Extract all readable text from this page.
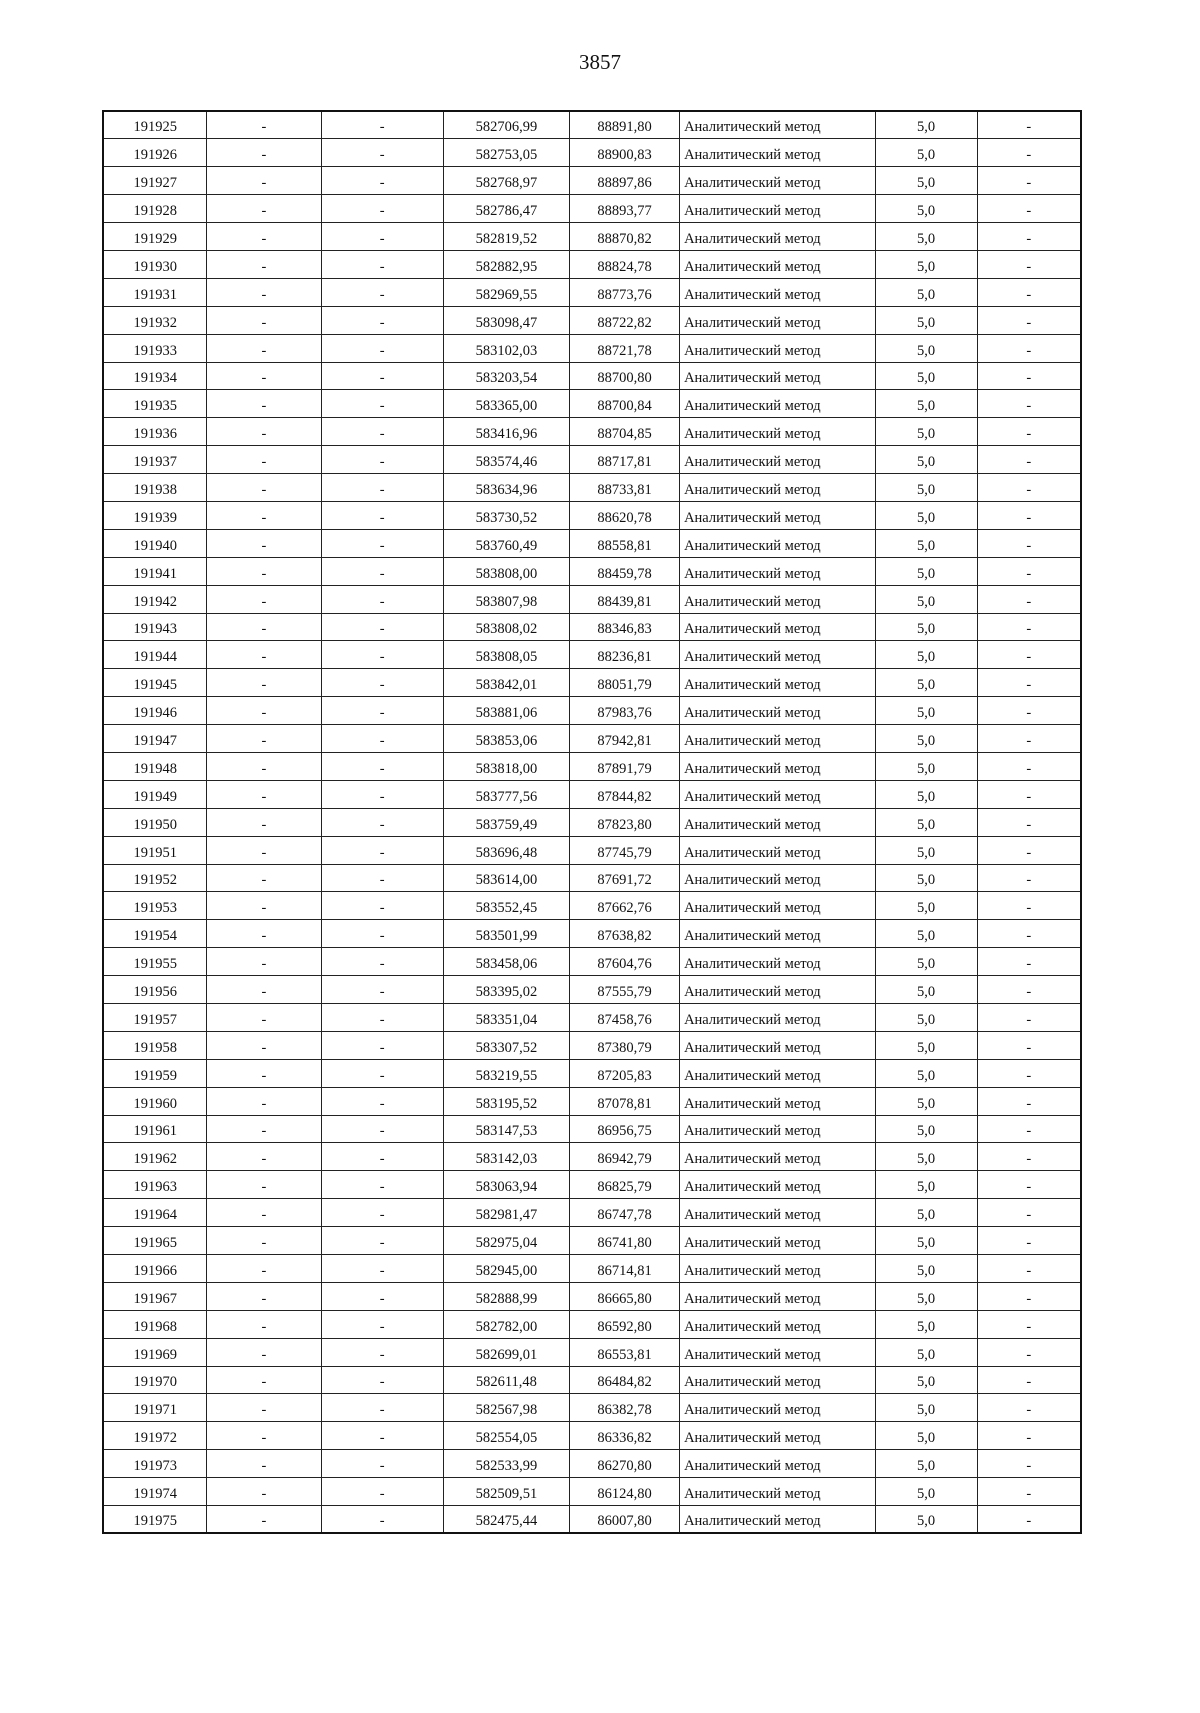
3857
191925	-	-	582706,99	88891,80	Аналитический метод	5,0	-
191926	-	-	582753,05	88900,83	Аналитический метод	5,0	-
191927	-	-	582768,97	88897,86	Аналитический метод	5,0	-
191928	-	-	582786,47	88893,77	Аналитический метод	5,0	-
191929	-	-	582819,52	88870,82	Аналитический метод	5,0	-
191930	-	-	582882,95	88824,78	Аналитический метод	5,0	-
191931	-	-	582969,55	88773,76	Аналитический метод	5,0	-
191932	-	-	583098,47	88722,82	Аналитический метод	5,0	-
191933	-	-	583102,03	88721,78	Аналитический метод	5,0	-
191934	-	-	583203,54	88700,80	Аналитический метод	5,0	-
191935	-	-	583365,00	88700,84	Аналитический метод	5,0	-
191936	-	-	583416,96	88704,85	Аналитический метод	5,0	-
191937	-	-	583574,46	88717,81	Аналитический метод	5,0	-
191938	-	-	583634,96	88733,81	Аналитический метод	5,0	-
191939	-	-	583730,52	88620,78	Аналитический метод	5,0	-
191940	-	-	583760,49	88558,81	Аналитический метод	5,0	-
191941	-	-	583808,00	88459,78	Аналитический метод	5,0	-
191942	-	-	583807,98	88439,81	Аналитический метод	5,0	-
191943	-	-	583808,02	88346,83	Аналитический метод	5,0	-
191944	-	-	583808,05	88236,81	Аналитический метод	5,0	-
191945	-	-	583842,01	88051,79	Аналитический метод	5,0	-
191946	-	-	583881,06	87983,76	Аналитический метод	5,0	-
191947	-	-	583853,06	87942,81	Аналитический метод	5,0	-
191948	-	-	583818,00	87891,79	Аналитический метод	5,0	-
191949	-	-	583777,56	87844,82	Аналитический метод	5,0	-
191950	-	-	583759,49	87823,80	Аналитический метод	5,0	-
191951	-	-	583696,48	87745,79	Аналитический метод	5,0	-
191952	-	-	583614,00	87691,72	Аналитический метод	5,0	-
191953	-	-	583552,45	87662,76	Аналитический метод	5,0	-
191954	-	-	583501,99	87638,82	Аналитический метод	5,0	-
191955	-	-	583458,06	87604,76	Аналитический метод	5,0	-
191956	-	-	583395,02	87555,79	Аналитический метод	5,0	-
191957	-	-	583351,04	87458,76	Аналитический метод	5,0	-
191958	-	-	583307,52	87380,79	Аналитический метод	5,0	-
191959	-	-	583219,55	87205,83	Аналитический метод	5,0	-
191960	-	-	583195,52	87078,81	Аналитический метод	5,0	-
191961	-	-	583147,53	86956,75	Аналитический метод	5,0	-
191962	-	-	583142,03	86942,79	Аналитический метод	5,0	-
191963	-	-	583063,94	86825,79	Аналитический метод	5,0	-
191964	-	-	582981,47	86747,78	Аналитический метод	5,0	-
191965	-	-	582975,04	86741,80	Аналитический метод	5,0	-
191966	-	-	582945,00	86714,81	Аналитический метод	5,0	-
191967	-	-	582888,99	86665,80	Аналитический метод	5,0	-
191968	-	-	582782,00	86592,80	Аналитический метод	5,0	-
191969	-	-	582699,01	86553,81	Аналитический метод	5,0	-
191970	-	-	582611,48	86484,82	Аналитический метод	5,0	-
191971	-	-	582567,98	86382,78	Аналитический метод	5,0	-
191972	-	-	582554,05	86336,82	Аналитический метод	5,0	-
191973	-	-	582533,99	86270,80	Аналитический метод	5,0	-
191974	-	-	582509,51	86124,80	Аналитический метод	5,0	-
191975	-	-	582475,44	86007,80	Аналитический метод	5,0	-
